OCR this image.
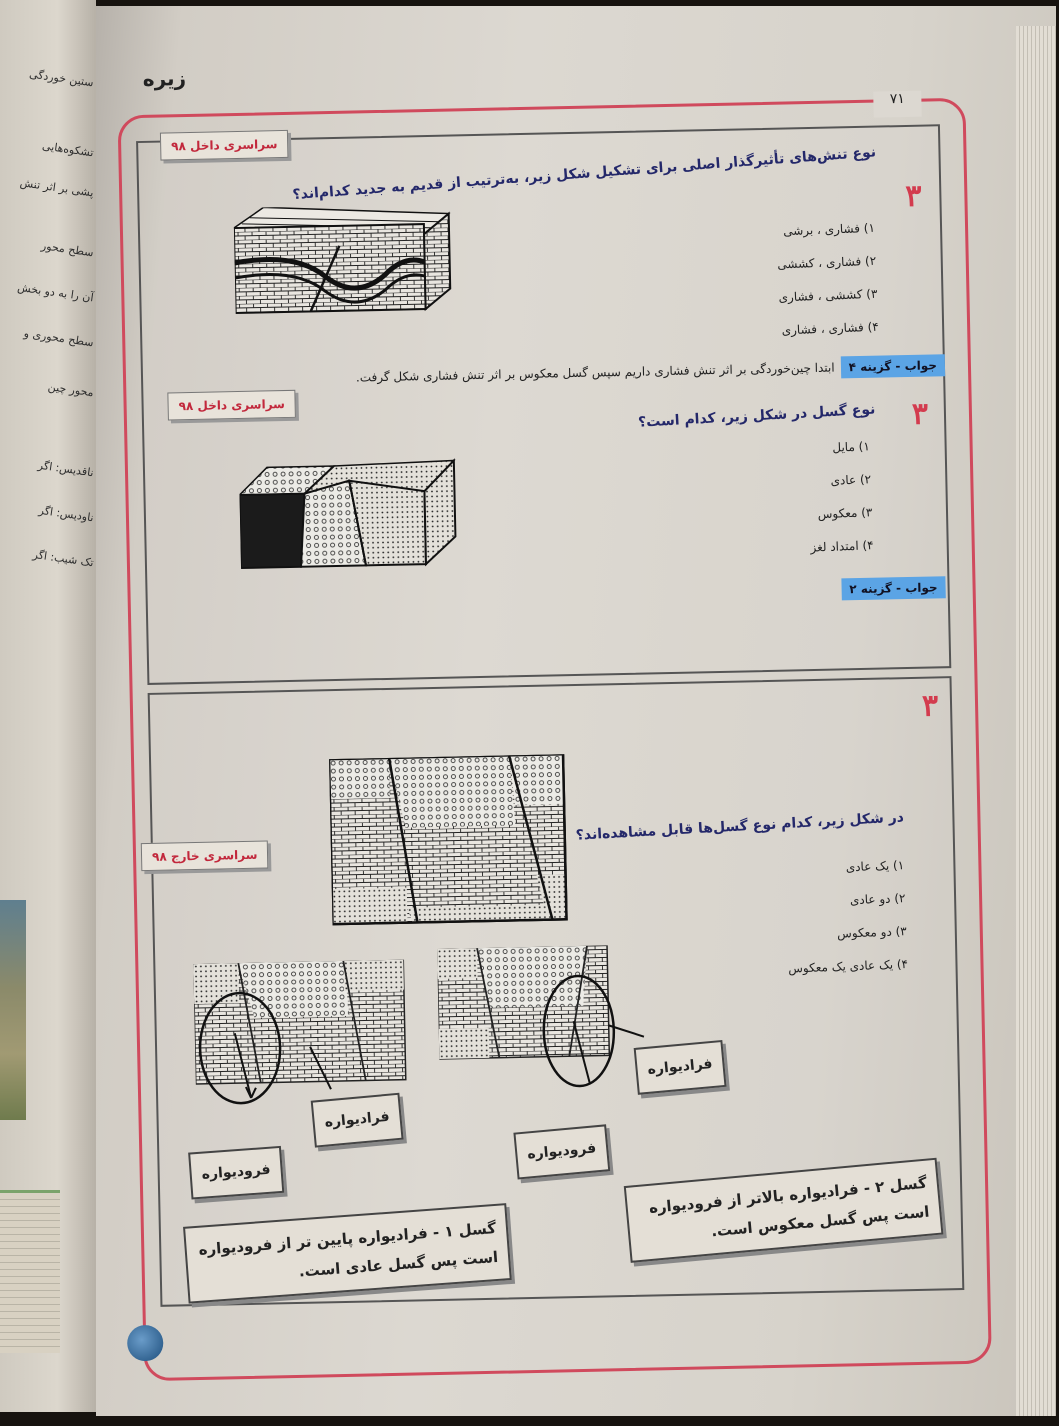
ستین خوردگی
تشکوه‌هایی
پشی بر اثر تنش
سطح محور
آن را به دو بخش
سطح محوری و
محور چین
ناقدیس: اگر
ناودیس: اگر
تک شیب: اگر
زیره
۷۱
سراسری داخل ۹۸
۳
نوع تنش‌های تأثیرگذار اصلی برای تشکیل شکل زیر، به‌ترتیب از قدیم به جدید کدام‌اند؟
۱) فشاری ، برشی
۲) فشاری ، کششی
۳) کششی ، فشاری
۴) فشاری ، فشاری
جواب - گزینه ۴ابتدا چین‌خوردگی بر اثر تنش فشاری داریم سپس گسل معکوس بر اثر تنش فشاری شکل گرفت.
سراسری داخل ۹۸	۳
نوع گسل در شکل زیر، کدام است؟
۱) مایل
۲) عادی
۳) معکوس
۴) امتداد لغز
جواب - گزینه ۲
۳
سراسری خارج ۹۸
در شکل زیر، کدام نوع گسل‌ها قابل مشاهده‌اند؟
۱) یک عادی
۲) دو عادی
۳) دو معکوس
۴) یک عادی یک معکوس
فرادیواره
فرودیواره
فرادیواره
فرودیواره
گسل ۱ - فرادیواره پایین تر از فرودیواره است پس گسل عادی است.
گسل ۲ - فرادیواره بالاتر از فرودیواره است پس گسل معکوس است.
